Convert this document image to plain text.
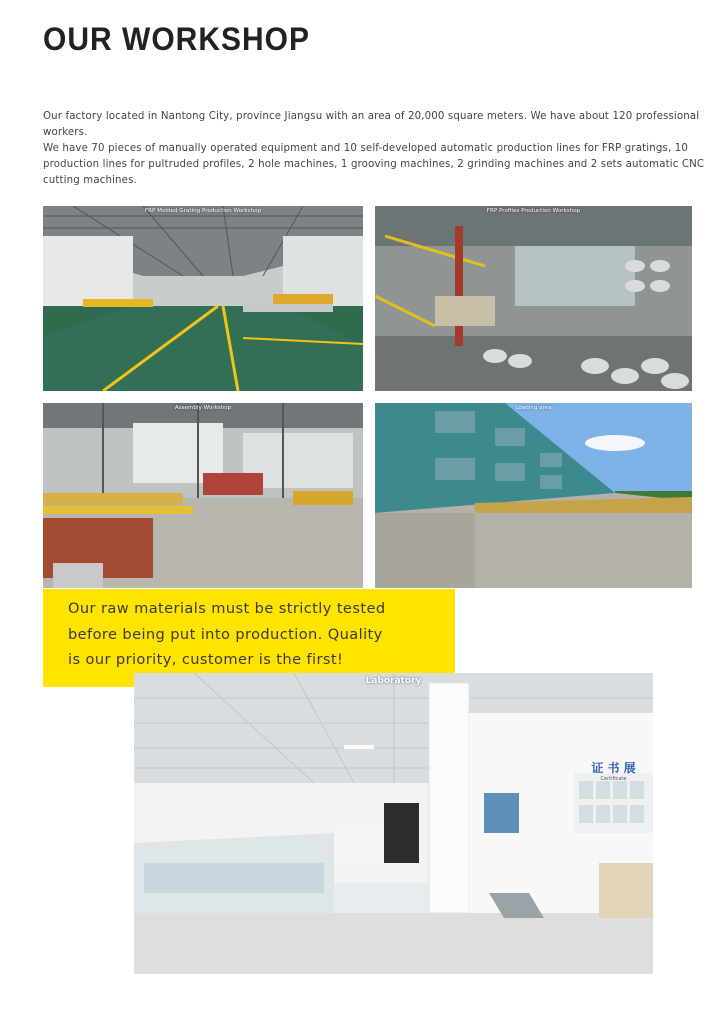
OUR WORKSHOP

Our factory located in Nantong City, province Jiangsu with an area of 20,000 square meters. We have about 120 professional workers.

We have 70 pieces of manually operated equipment and 10 self-developed automatic production lines for FRP gratings, 10 production lines for pultruded profiles, 2 hole machines, 1 grooving machines, 2 grinding machines and 2 sets automatic CNC cutting machines.

FRP Molded Grating Production Workshop	FRP Profiles Production Workshop
Assembly Workshop	Loading area
Our raw materials must be strictly tested
before being put into production. Quality
is our priority, customer is the first!
Laboratory
证 书 展
Certificate
